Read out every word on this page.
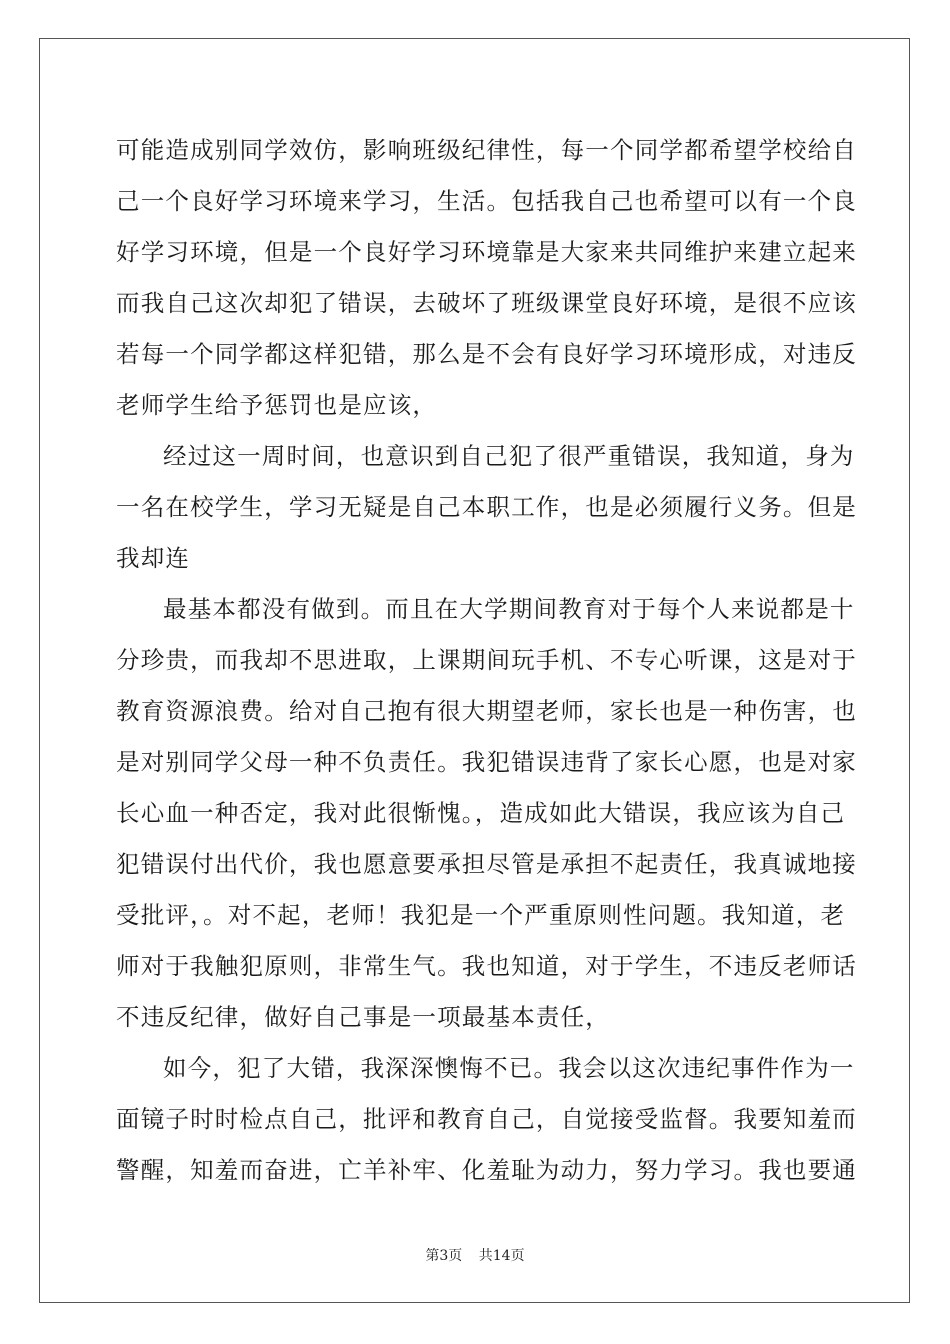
可能造成别同学效仿，影响班级纪律性，每一个同学都希望学校给自
己一个良好学习环境来学习，生活。包括我自己也希望可以有一个良
好学习环境，但是一个良好学习环境靠是大家来共同维护来建立起来
而我自己这次却犯了错误，去破坏了班级课堂良好环境，是很不应该
若每一个同学都这样犯错，那么是不会有良好学习环境形成，对违反
老师学生给予惩罚也是应该，
经过这一周时间，也意识到自己犯了很严重错误，我知道，身为
一名在校学生，学习无疑是自己本职工作，也是必须履行义务。但是
我却连
最基本都没有做到。而且在大学期间教育对于每个人来说都是十
分珍贵，而我却不思进取，上课期间玩手机、不专心听课，这是对于
教育资源浪费。给对自己抱有很大期望老师，家长也是一种伤害，也
是对别同学父母一种不负责任。我犯错误违背了家长心愿，也是对家
长心血一种否定，我对此很惭愧。，造成如此大错误，我应该为自己
犯错误付出代价，我也愿意要承担尽管是承担不起责任，我真诚地接
受批评，。对不起，老师！我犯是一个严重原则性问题。我知道，老
师对于我触犯原则，非常生气。我也知道，对于学生，不违反老师话
不违反纪律，做好自己事是一项最基本责任，
如今，犯了大错，我深深懊悔不已。我会以这次违纪事件作为一
面镜子时时检点自己，批评和教育自己，自觉接受监督。我要知羞而
警醒，知羞而奋进，亡羊补牢、化羞耻为动力，努力学习。我也要通
第3页 共14页
